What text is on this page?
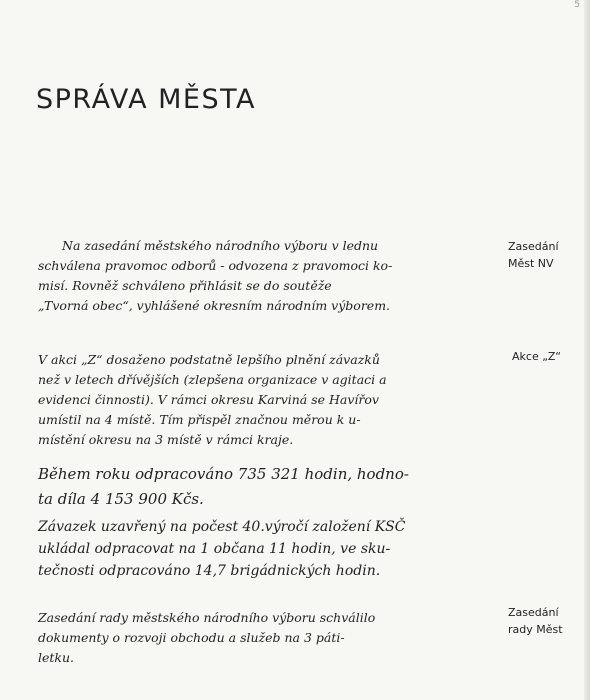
5
SPRÁVA MĚSTA
Na zasedání městského národního výboru v lednu
schválena pravomoc odborů - odvozena z pravomoci ko-
misí. Rovněž schváleno přihlásit se do soutěže
„Tvorná obec“, vyhlášené okresním národním výborem.
Zasedání
Měst NV
V akci „Z“ dosaženo podstatně lepšího plnění závazků
než v letech dřívějších (zlepšena organizace v agitaci a
evidenci činnosti). V rámci okresu Karviná se Havířov
umístil na 4 místě. Tím přispěl značnou měrou k u-
místění okresu na 3 místě v rámci kraje.
Akce „Z“
Během roku odpracováno 735 321 hodin, hodno-
ta díla 4 153 900 Kčs.
Závazek uzavřený na počest 40.výročí založení KSČ
ukládal odpracovat na 1 občana 11 hodin, ve sku-
tečnosti odpracováno 14,7 brigádnických hodin.
Zasedání rady městského národního výboru schválilo
dokumenty o rozvoji obchodu a služeb na 3 páti-
letku.
Zasedání
rady Měst
